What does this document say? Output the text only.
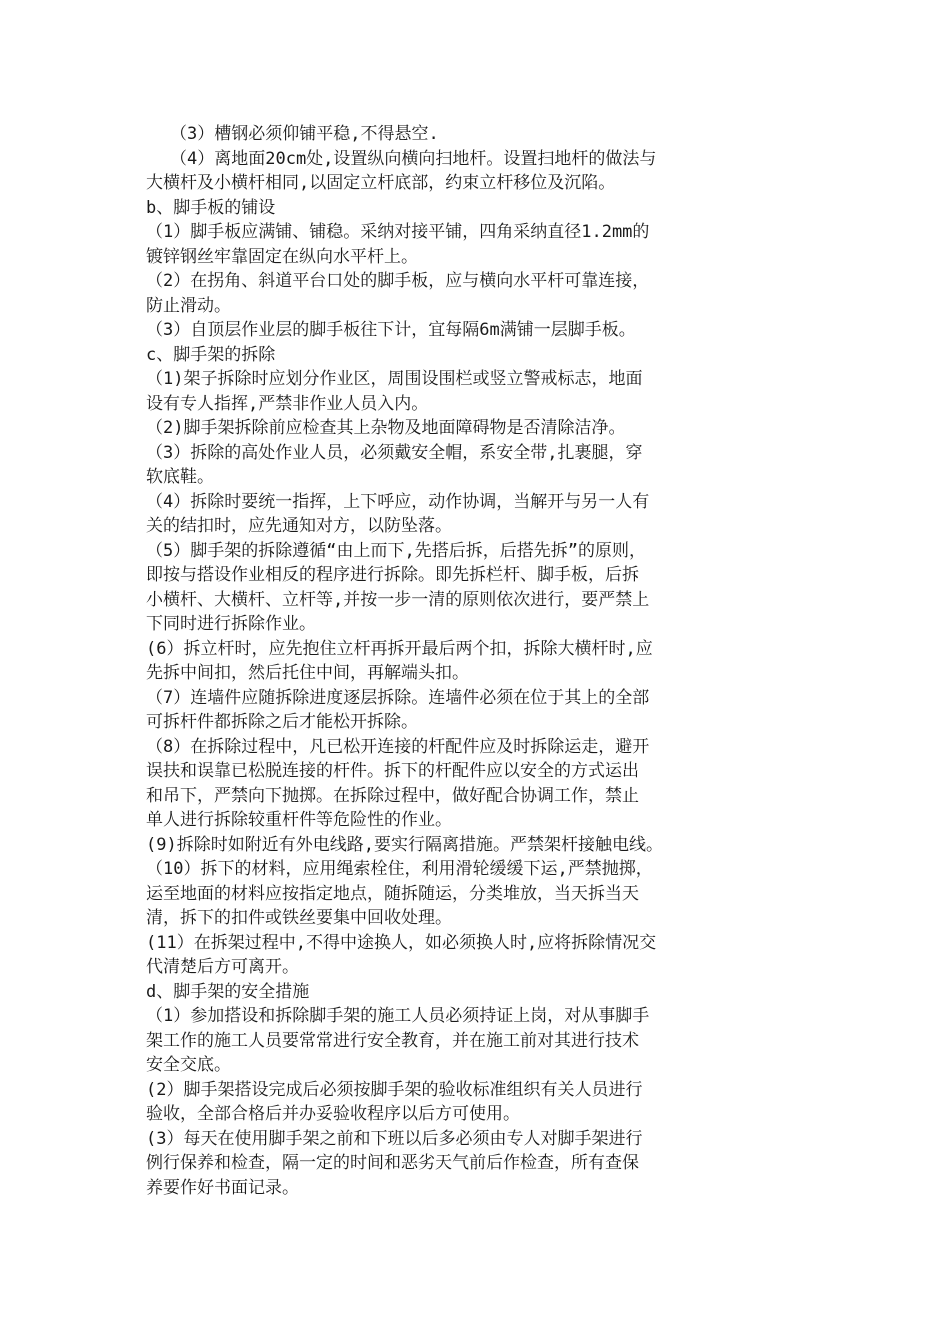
（3）槽钢必须仰铺平稳,不得悬空.
（4）离地面20cm处,设置纵向横向扫地杆。设置扫地杆的做法与
大横杆及小横杆相同,以固定立杆底部，约束立杆移位及沉陷。
b、脚手板的铺设
（1）脚手板应满铺、铺稳。采纳对接平铺，四角采纳直径1.2mm的
镀锌钢丝牢靠固定在纵向水平杆上。
（2）在拐角、斜道平台口处的脚手板，应与横向水平杆可靠连接，
防止滑动。
（3）自顶层作业层的脚手板往下计，宜每隔6m满铺一层脚手板。
c、脚手架的拆除
（1)架子拆除时应划分作业区，周围设围栏或竖立警戒标志，地面
设有专人指挥,严禁非作业人员入内。
（2)脚手架拆除前应检查其上杂物及地面障碍物是否清除洁净。
（3）拆除的高处作业人员，必须戴安全帽，系安全带,扎裹腿，穿
软底鞋。
（4）拆除时要统一指挥，上下呼应，动作协调，当解开与另一人有
关的结扣时，应先通知对方，以防坠落。
（5）脚手架的拆除遵循“由上而下,先搭后拆，后搭先拆”的原则，
即按与搭设作业相反的程序进行拆除。即先拆栏杆、脚手板，后拆
小横杆、大横杆、立杆等,并按一步一清的原则依次进行，要严禁上
下同时进行拆除作业。
(6）拆立杆时，应先抱住立杆再拆开最后两个扣，拆除大横杆时,应
先拆中间扣，然后托住中间，再解端头扣。
（7）连墙件应随拆除进度逐层拆除。连墙件必须在位于其上的全部
可拆杆件都拆除之后才能松开拆除。
（8）在拆除过程中，凡已松开连接的杆配件应及时拆除运走，避开
误扶和误靠已松脱连接的杆件。拆下的杆配件应以安全的方式运出
和吊下，严禁向下抛掷。在拆除过程中，做好配合协调工作，禁止
单人进行拆除较重杆件等危险性的作业。
(9)拆除时如附近有外电线路,要实行隔离措施。严禁架杆接触电线。
（10）拆下的材料，应用绳索栓住，利用滑轮缓缓下运,严禁抛掷，
运至地面的材料应按指定地点，随拆随运，分类堆放，当天拆当天
清，拆下的扣件或铁丝要集中回收处理。
(11）在拆架过程中,不得中途换人，如必须换人时,应将拆除情况交
代清楚后方可离开。
d、脚手架的安全措施
（1）参加搭设和拆除脚手架的施工人员必须持证上岗，对从事脚手
架工作的施工人员要常常进行安全教育，并在施工前对其进行技术
安全交底。
(2）脚手架搭设完成后必须按脚手架的验收标准组织有关人员进行
验收，全部合格后并办妥验收程序以后方可使用。
(3）每天在使用脚手架之前和下班以后多必须由专人对脚手架进行
例行保养和检查，隔一定的时间和恶劣天气前后作检查，所有查保
养要作好书面记录。
